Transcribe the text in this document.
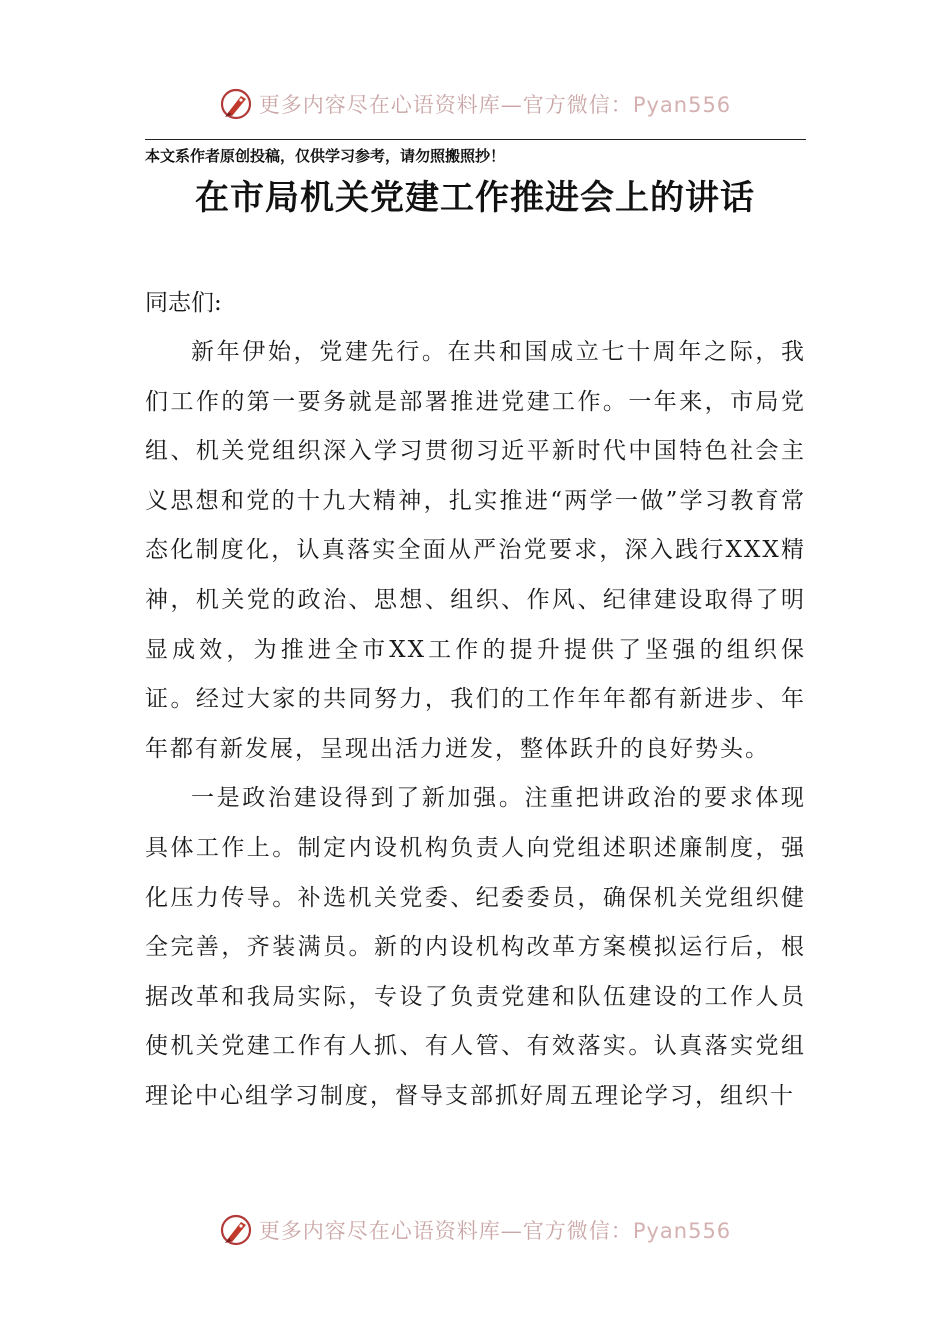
更多内容尽在心语资料库—官方微信：Pyan556
本文系作者原创投稿，仅供学习参考，请勿照搬照抄！
在市局机关党建工作推进会上的讲话
同志们:

新年伊始，党建先行。在共和国成立七十周年之际，我们工作的第一要务就是部署推进党建工作。一年来，市局党组、机关党组织深入学习贯彻习近平新时代中国特色社会主义思想和党的十九大精神，扎实推进“两学一做”学习教育常态化制度化，认真落实全面从严治党要求，深入践行XXX精神，机关党的政治、思想、组织、作风、纪律建设取得了明显成效，为推进全市XX工作的提升提供了坚强的组织保证。经过大家的共同努力，我们的工作年年都有新进步、年年都有新发展，呈现出活力迸发，整体跃升的良好势头。

一是政治建设得到了新加强。注重把讲政治的要求体现具体工作上。制定内设机构负责人向党组述职述廉制度，强化压力传导。补选机关党委、纪委委员，确保机关党组织健全完善，齐装满员。新的内设机构改革方案模拟运行后，根据改革和我局实际，专设了负责党建和队伍建设的工作人员使机关党建工作有人抓、有人管、有效落实。认真落实党组理论中心组学习制度，督导支部抓好周五理论学习，组织十

更多内容尽在心语资料库—官方微信：Pyan556
